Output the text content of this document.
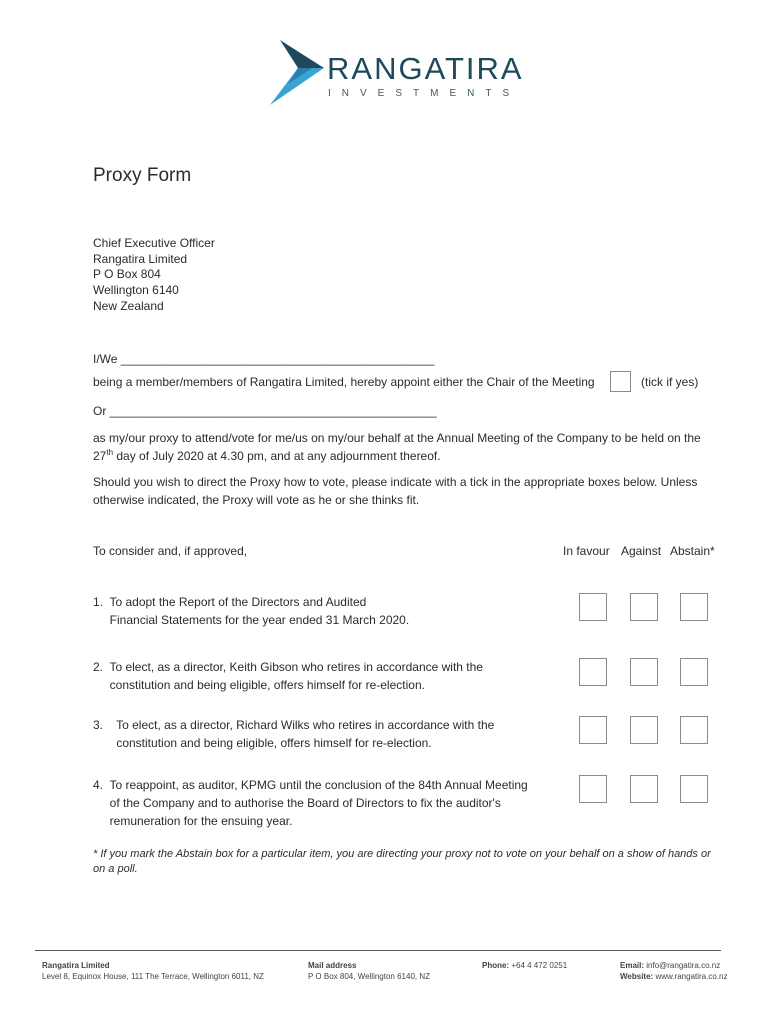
RANGATIRA
INVESTMENTS
Proxy Form
Chief Executive Officer
Rangatira Limited
P O Box 804
Wellington 6140
New Zealand
I/We _______________________________________________
being a member/members of Rangatira Limited, hereby appoint either the Chair of the Meeting	(tick if yes)
Or _________________________________________________
as my/our proxy to attend/vote for me/us on my/our behalf at the Annual Meeting of the Company to be held on the
27th day of July 2020 at 4.30 pm, and at any adjournment thereof.
Should you wish to direct the Proxy how to vote, please indicate with a tick in the appropriate boxes below. Unless
otherwise indicated, the Proxy will vote as he or she thinks fit.
To consider and, if approved,	In favour Against Abstain*
1.  To adopt the Report of the Directors and Audited
Financial Statements for the year ended 31 March 2020.
2.  To elect, as a director, Keith Gibson who retires in accordance with the
constitution and being eligible, offers himself for re-election.
3.    To elect, as a director, Richard Wilks who retires in accordance with the
constitution and being eligible, offers himself for re-election.
4.  To reappoint, as auditor, KPMG until the conclusion of the 84th Annual Meeting
of the Company and to authorise the Board of Directors to fix the auditor's
remuneration for the ensuing year.
* If you mark the Abstain box for a particular item, you are directing your proxy not to vote on your behalf on a show of hands or on a poll.
Rangatira Limited
Level 8, Equinox House, 111 The Terrace, Wellington 6011, NZ
Mail address
P O Box 804, Wellington 6140, NZ
Phone: +64 4 472 0251	Email: info@rangatira.co.nz
Website: www.rangatira.co.nz
